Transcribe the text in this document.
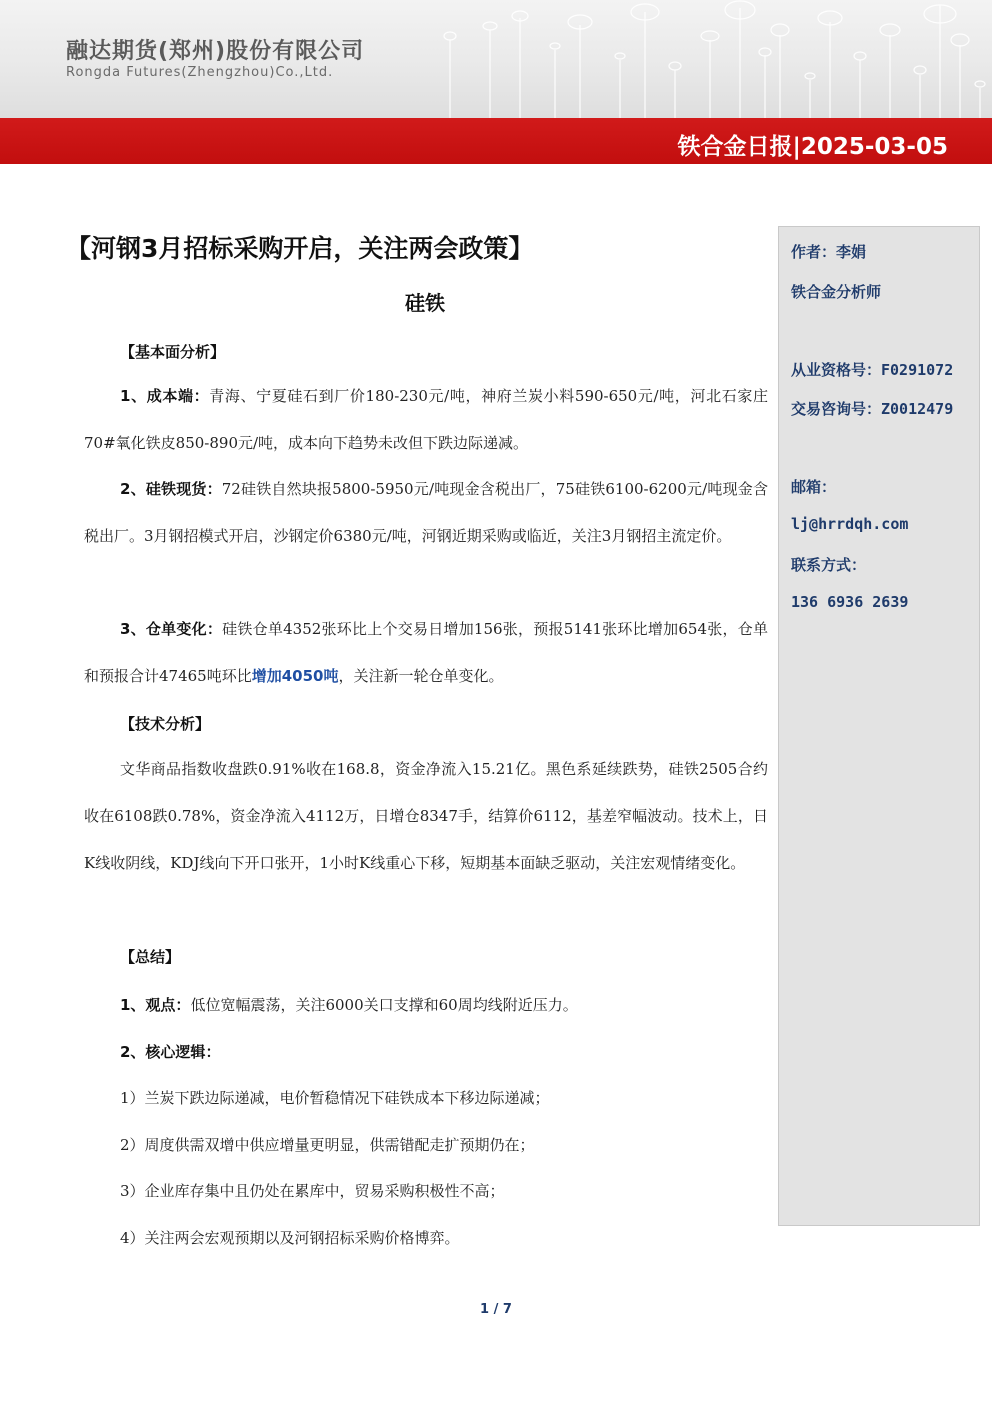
融达期货(郑州)股份有限公司
Rongda Futures(Zhengzhou)Co.,Ltd.
铁合金日报|2025-03-05
作者：李娟
铁合金分析师
从业资格号：F0291072
交易咨询号：Z0012479
邮箱：
lj@hrrdqh.com
联系方式：
136 6936 2639
【河钢3月招标采购开启，关注两会政策】
硅铁
【基本面分析】
1、成本端：青海、宁夏硅石到厂价180-230元/吨，神府兰炭小料590-650元/吨，河北石家庄70#氧化铁皮850-890元/吨，成本向下趋势未改但下跌边际递减。
2、硅铁现货：72硅铁自然块报5800-5950元/吨现金含税出厂，75硅铁6100-6200元/吨现金含税出厂。3月钢招模式开启，沙钢定价6380元/吨，河钢近期采购或临近，关注3月钢招主流定价。
3、仓单变化：硅铁仓单4352张环比上个交易日增加156张，预报5141张环比增加654张，仓单和预报合计47465吨环比增加4050吨，关注新一轮仓单变化。
【技术分析】
文华商品指数收盘跌0.91%收在168.8，资金净流入15.21亿。黑色系延续跌势，硅铁2505合约收在6108跌0.78%，资金净流入4112万，日增仓8347手，结算价6112，基差窄幅波动。技术上，日K线收阴线，KDJ线向下开口张开，1小时K线重心下移，短期基本面缺乏驱动，关注宏观情绪变化。
【总结】
1、观点：低位宽幅震荡，关注6000关口支撑和60周均线附近压力。
2、核心逻辑：
1）兰炭下跌边际递减，电价暂稳情况下硅铁成本下移边际递减；
2）周度供需双增中供应增量更明显，供需错配走扩预期仍在；
3）企业库存集中且仍处在累库中，贸易采购积极性不高；
4）关注两会宏观预期以及河钢招标采购价格博弈。
1 / 7
